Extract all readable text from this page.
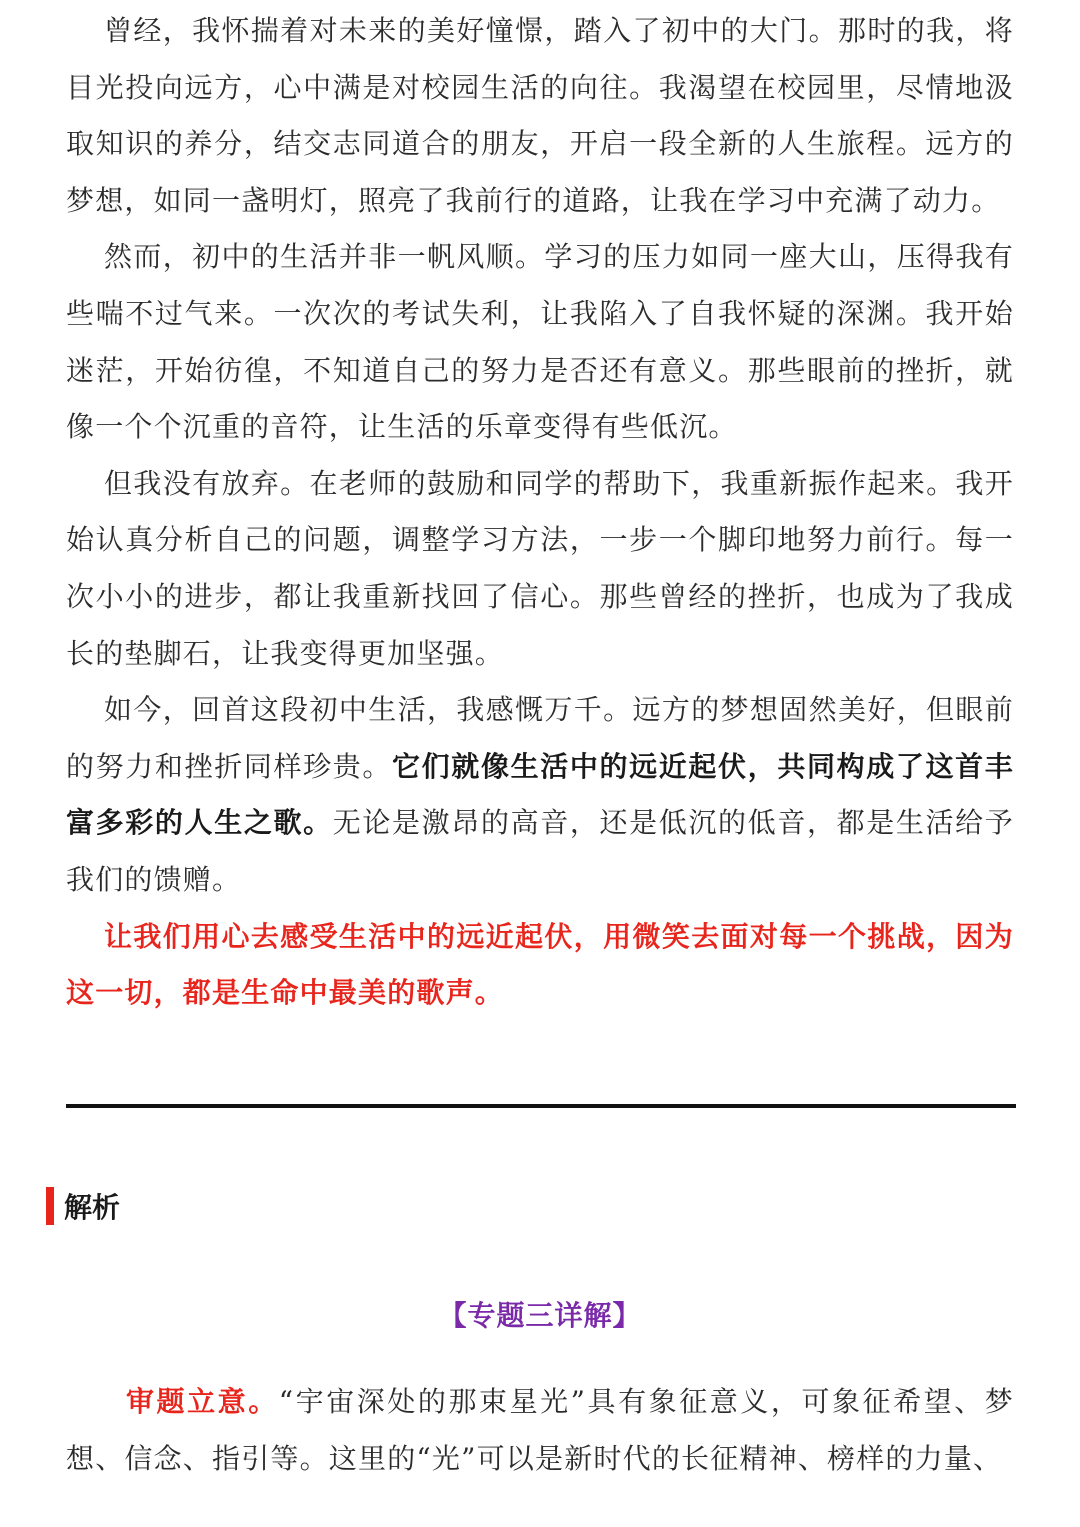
曾经，我怀揣着对未来的美好憧憬，踏入了初中的大门。那时的我，将目光投向远方，心中满是对校园生活的向往。我渴望在校园里，尽情地汲取知识的养分，结交志同道合的朋友，开启一段全新的人生旅程。远方的梦想，如同一盏明灯，照亮了我前行的道路，让我在学习中充满了动力。

然而，初中的生活并非一帆风顺。学习的压力如同一座大山，压得我有些喘不过气来。一次次的考试失利，让我陷入了自我怀疑的深渊。我开始迷茫，开始彷徨，不知道自己的努力是否还有意义。那些眼前的挫折，就像一个个沉重的音符，让生活的乐章变得有些低沉。

但我没有放弃。在老师的鼓励和同学的帮助下，我重新振作起来。我开始认真分析自己的问题，调整学习方法，一步一个脚印地努力前行。每一次小小的进步，都让我重新找回了信心。那些曾经的挫折，也成为了我成长的垫脚石，让我变得更加坚强。

如今，回首这段初中生活，我感慨万千。远方的梦想固然美好，但眼前的努力和挫折同样珍贵。它们就像生活中的远近起伏，共同构成了这首丰富多彩的人生之歌。无论是激昂的高音，还是低沉的低音，都是生活给予我们的馈赠。

让我们用心去感受生活中的远近起伏，用微笑去面对每一个挑战，因为这一切，都是生命中最美的歌声。

解析
【专题三详解】

审题立意。“宇宙深处的那束星光”具有象征意义，可象征希望、梦想、信念、指引等。这里的“光”可以是新时代的长征精神、榜样的力量、
